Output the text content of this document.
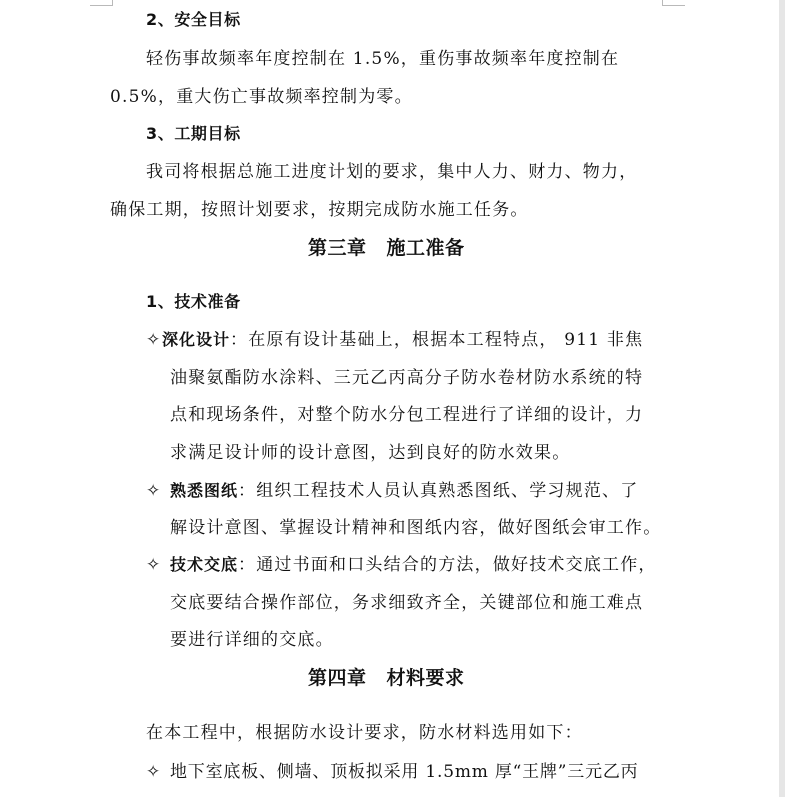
2、安全目标
轻伤事故频率年度控制在 1.5%，重伤事故频率年度控制在
0.5%，重大伤亡事故频率控制为零。
3、工期目标
我司将根据总施工进度计划的要求，集中人力、财力、物力，
确保工期，按照计划要求，按期完成防水施工任务。
第三章 施工准备
1、技术准备
✧ 深化设计：在原有设计基础上，根据本工程特点， 911 非焦
油聚氨酯防水涂料、三元乙丙高分子防水卷材防水系统的特
点和现场条件，对整个防水分包工程进行了详细的设计，力
求满足设计师的设计意图，达到良好的防水效果。
✧ 熟悉图纸：组织工程技术人员认真熟悉图纸、学习规范、了
解设计意图、掌握设计精神和图纸内容，做好图纸会审工作。
✧ 技术交底：通过书面和口头结合的方法，做好技术交底工作，
交底要结合操作部位，务求细致齐全，关键部位和施工难点
要进行详细的交底。
第四章 材料要求
在本工程中，根据防水设计要求，防水材料选用如下：
✧ 地下室底板、侧墙、顶板拟采用 1.5mm 厚“王牌”三元乙丙
